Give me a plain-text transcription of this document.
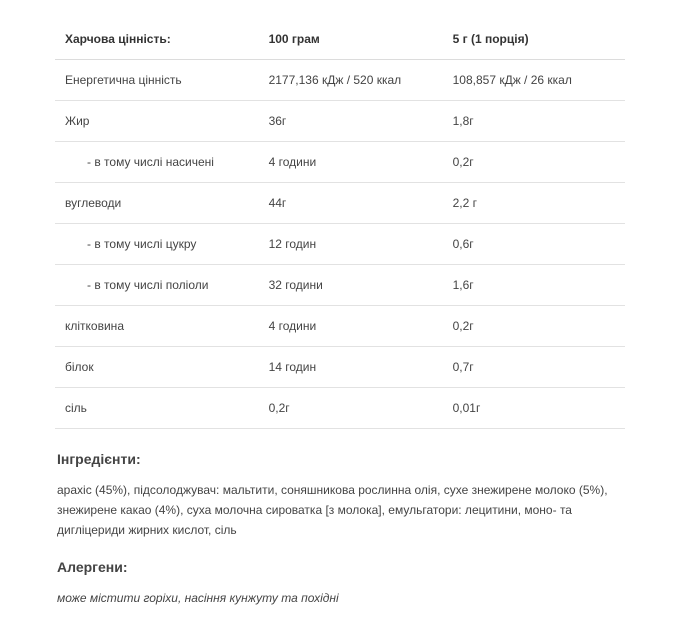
Харчова цінність:	100 грам	5 г (1 порція)
Енергетична цінність	2177,136 кДж / 520 ккал	108,857 кДж / 26 ккал
Жир	36г	1,8г
- в тому числі насичені	4 години	0,2г
вуглеводи	44г	2,2 г
- в тому числі цукру	12 годин	0,6г
- в тому числі поліоли	32 години	1,6г
клітковина	4 години	0,2г
білок	14 годин	0,7г
сіль	0,2г	0,01г
Інгредієнти:

арахіс (45%), підсолоджувач: мальтити, соняшникова рослинна олія, сухе знежирене молоко (5%), знежирене какао (4%), суха молочна сироватка [з молока], емульгатори: лецитини, моно- та дигліцериди жирних кислот, сіль

Алергени:

може містити горіхи, насіння кунжуту та похідні
